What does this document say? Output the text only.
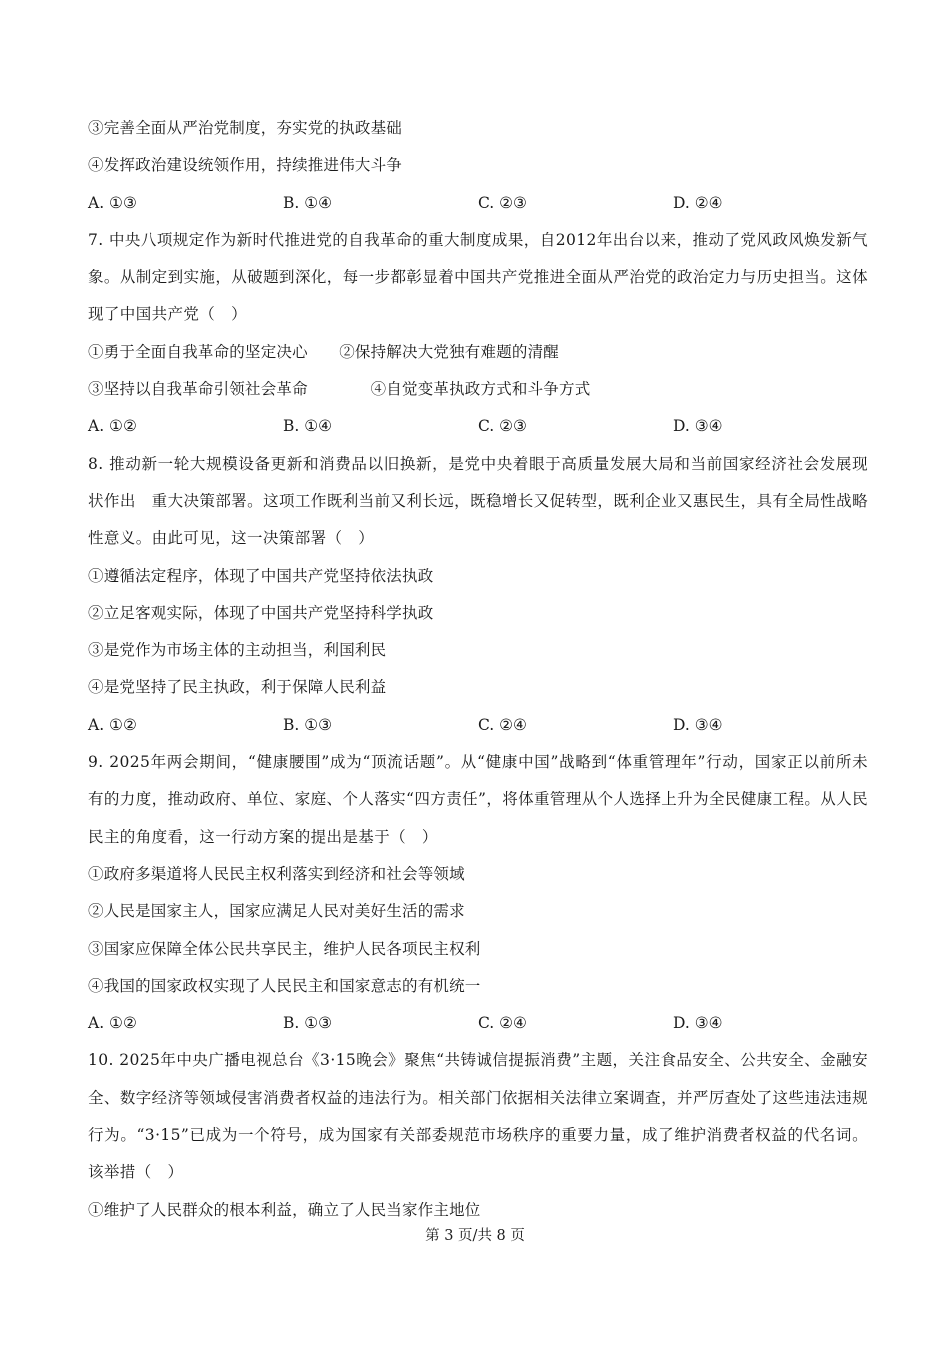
③完善全面从严治党制度，夯实党的执政基础
④发挥政治建设统领作用，持续推进伟大斗争
A. ①③	B. ①④	C. ②③	D. ②④
7. 中央八项规定作为新时代推进党的自我革命的重大制度成果，自2012年出台以来，推动了党风政风焕发新气象。从制定到实施，从破题到深化，每一步都彰显着中国共产党推进全面从严治党的政治定力与历史担当。这体现了中国共产党（　）
①勇于全面自我革命的坚定决心　　②保持解决大党独有难题的清醒
③坚持以自我革命引领社会革命　　　　④自觉变革执政方式和斗争方式
A. ①②	B. ①④	C. ②③	D. ③④
8. 推动新一轮大规模设备更新和消费品以旧换新，是党中央着眼于高质量发展大局和当前国家经济社会发展现状作出　重大决策部署。这项工作既利当前又利长远，既稳增长又促转型，既利企业又惠民生，具有全局性战略性意义。由此可见，这一决策部署（　）
①遵循法定程序，体现了中国共产党坚持依法执政
②立足客观实际，体现了中国共产党坚持科学执政
③是党作为市场主体的主动担当，利国利民
④是党坚持了民主执政，利于保障人民利益
A. ①②	B. ①③	C. ②④	D. ③④
9. 2025年两会期间，“健康腰围”成为“顶流话题”。从“健康中国”战略到“体重管理年”行动，国家正以前所未有的力度，推动政府、单位、家庭、个人落实“四方责任”，将体重管理从个人选择上升为全民健康工程。从人民民主的角度看，这一行动方案的提出是基于（　）
①政府多渠道将人民民主权利落实到经济和社会等领域
②人民是国家主人，国家应满足人民对美好生活的需求
③国家应保障全体公民共享民主，维护人民各项民主权利
④我国的国家政权实现了人民民主和国家意志的有机统一
A. ①②	B. ①③	C. ②④	D. ③④
10. 2025年中央广播电视总台《3·15晚会》聚焦“共铸诚信提振消费”主题，关注食品安全、公共安全、金融安全、数字经济等领域侵害消费者权益的违法行为。相关部门依据相关法律立案调查，并严厉查处了这些违法违规行为。“3·15”已成为一个符号，成为国家有关部委规范市场秩序的重要力量，成了维护消费者权益的代名词。该举措（　）
①维护了人民群众的根本利益，确立了人民当家作主地位
第 3 页/共 8 页
